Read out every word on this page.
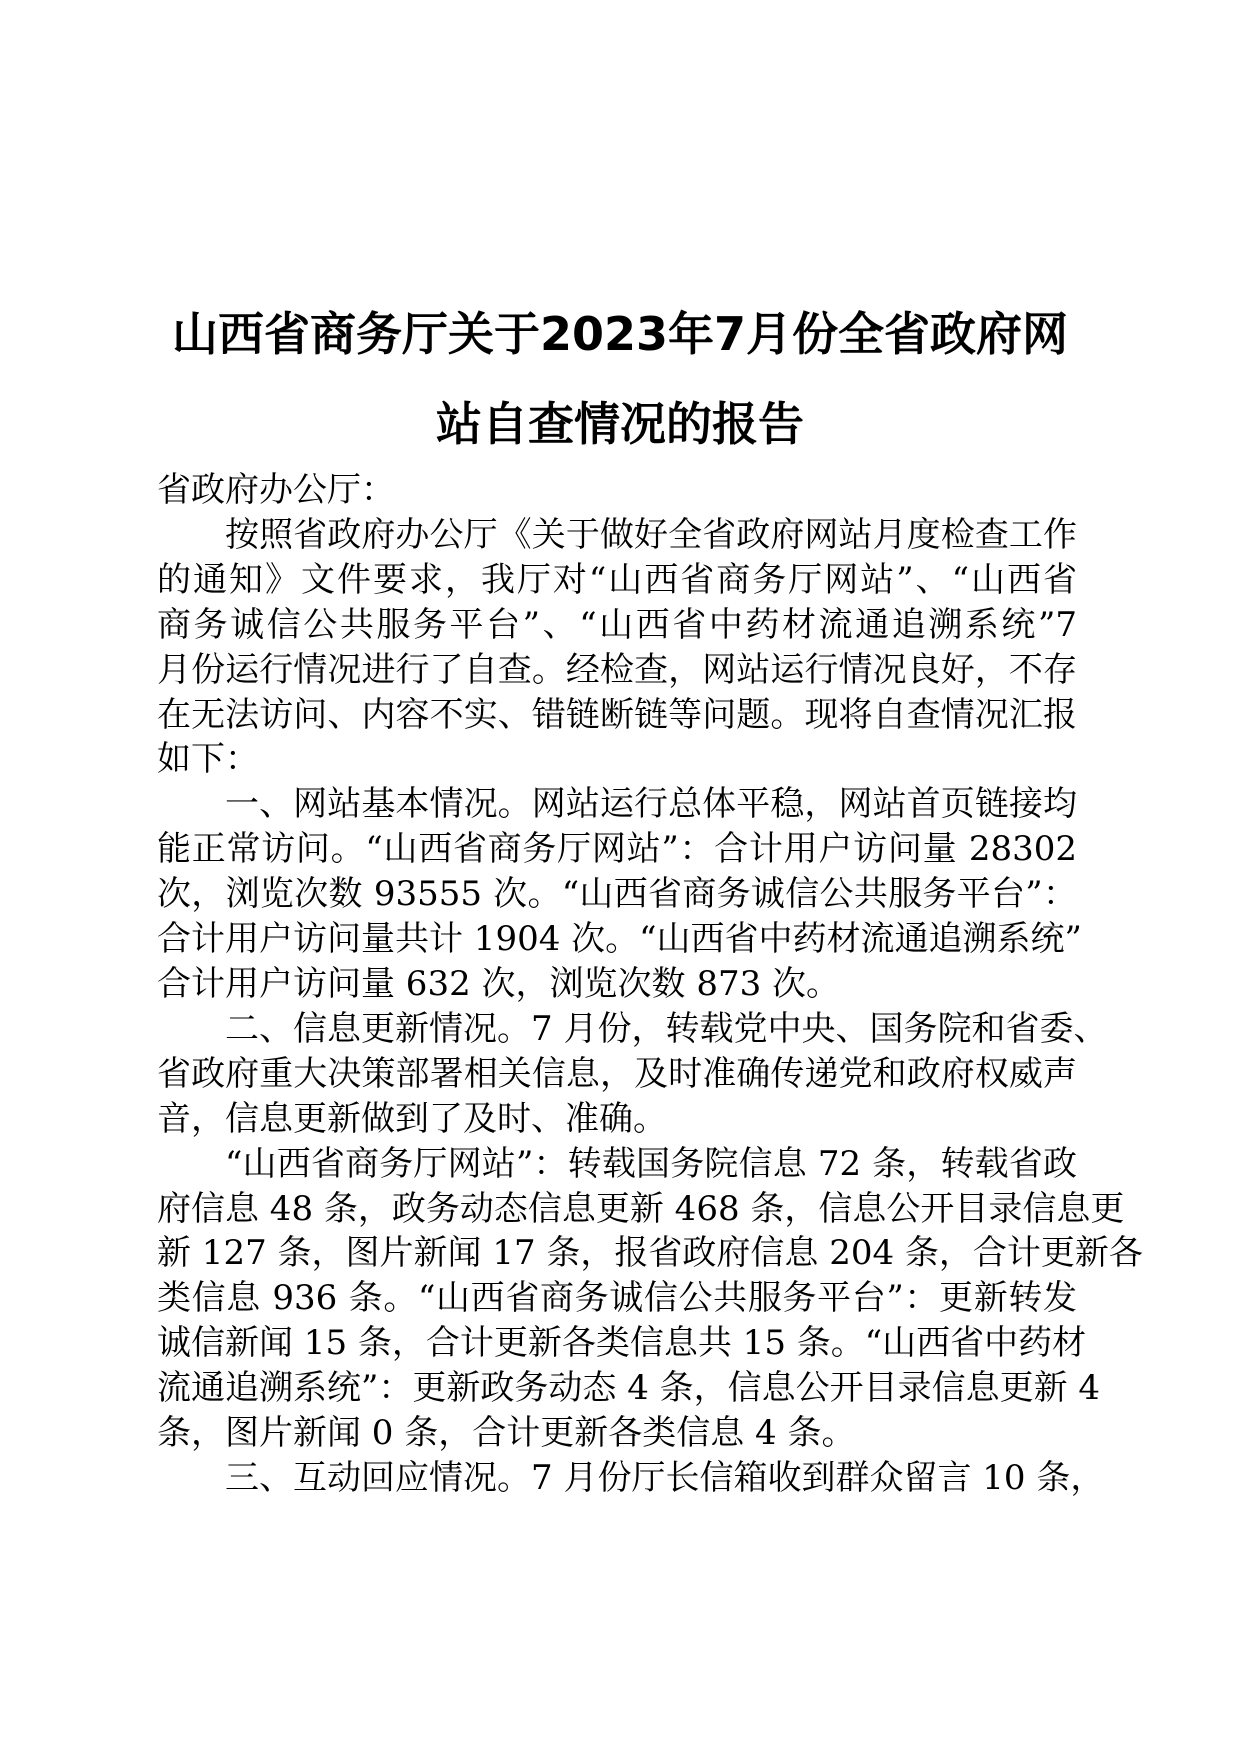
山西省商务厅关于2023年7月份全省政府网
站自查情况的报告

省政府办公厅：

按照省政府办公厅《关于做好全省政府网站月度检查工作
的通知》文件要求，我厅对“山西省商务厅网站”、“山西省
商务诚信公共服务平台”、“山西省中药材流通追溯系统”7
月份运行情况进行了自查。经检查，网站运行情况良好，不存
在无法访问、内容不实、错链断链等问题。现将自查情况汇报
如下：

一、网站基本情况。网站运行总体平稳，网站首页链接均
能正常访问。“山西省商务厅网站”：合计用户访问量 28302
次，浏览次数 93555 次。“山西省商务诚信公共服务平台”：
合计用户访问量共计 1904 次。“山西省中药材流通追溯系统”
合计用户访问量 632 次，浏览次数 873 次。

二、信息更新情况。7 月份，转载党中央、国务院和省委、
省政府重大决策部署相关信息，及时准确传递党和政府权威声
音，信息更新做到了及时、准确。

“山西省商务厅网站”：转载国务院信息 72 条，转载省政
府信息 48 条，政务动态信息更新 468 条，信息公开目录信息更
新 127 条，图片新闻 17 条，报省政府信息 204 条，合计更新各
类信息 936 条。“山西省商务诚信公共服务平台”：更新转发
诚信新闻 15 条，合计更新各类信息共 15 条。“山西省中药材
流通追溯系统”：更新政务动态 4 条，信息公开目录信息更新 4
条，图片新闻 0 条，合计更新各类信息 4 条。

三、互动回应情况。7 月份厅长信箱收到群众留言 10 条，
